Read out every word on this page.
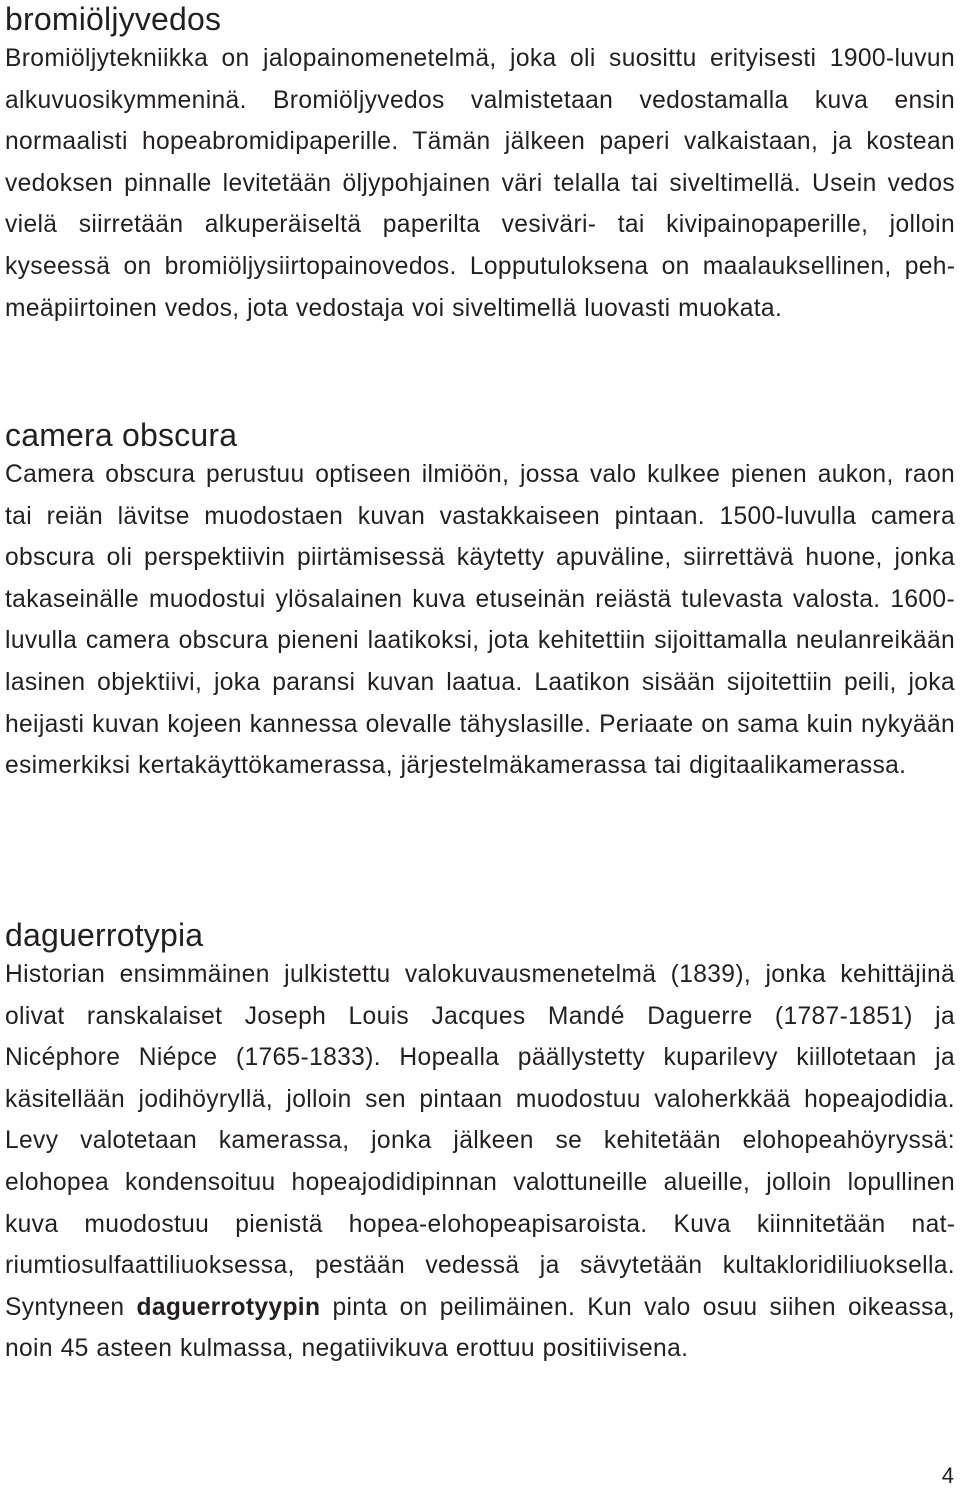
bromiöljyvedos

Bromiöljytekniikka on jalopainomenetelmä, joka oli suosittu erityisesti 1900-luvun alkuvuosikymmeninä. Bromiöljyvedos valmistetaan vedostamalla kuva ensin normaalisti hopeabromidipaperille. Tämän jälkeen paperi valkaistaan, ja kostean vedoksen pinnalle levitetään öljypohjainen väri telalla tai siveltimellä. Usein vedos vielä siirretään alkuperäiseltä paperilta vesiväri- tai kivipainopaperille, jolloin kyseessä on bromiöljysiirtopainovedos. Lopputuloksena on maalauksellinen, pehmeäpiirtoinen vedos, jota vedostaja voi siveltimellä luovasti muokata.

camera obscura

Camera obscura perustuu optiseen ilmiöön, jossa valo kulkee pienen aukon, raon tai reiän lävitse muodostaen kuvan vastakkaiseen pintaan. 1500-luvulla camera obscura oli perspektiivin piirtämisessä käytetty apuväline, siirrettävä huone, jonka takaseinälle muodostui ylösalainen kuva etuseinän reiästä tulevasta valosta. 1600-luvulla camera obscura pieneni laatikoksi, jota kehitettiin sijoittamalla neulanreikään lasinen objektiivi, joka paransi kuvan laatua. Laatikon sisään sijoitettiin peili, joka heijasti kuvan kojeen kannessa olevalle tähyslasille. Periaate on sama kuin nykyään esimerkiksi kertakäyttökamerassa, järjestelmäkamerassa tai digitaalikamerassa.

daguerrotypia

Historian ensimmäinen julkistettu valokuvausmenetelmä (1839), jonka kehittäjinä olivat ranskalaiset Joseph Louis Jacques Mandé Daguerre (1787-1851) ja Nicéphore Niépce (1765-1833). Hopealla päällystetty kuparilevy kiillotetaan ja käsitellään jodihöyryllä, jolloin sen pintaan muodostuu valoherkkää hopeajodidia. Levy valotetaan kamerassa, jonka jälkeen se kehitetään elohopeahöyryssä: elohopea kondensoituu hopeajodidipinnan valottuneille alueille, jolloin lopullinen kuva muodostuu pienistä hopea-elohopeapisaroista. Kuva kiinnitetään natriumtiosulfaattiliuoksessa, pestään vedessä ja sävytetään kultakloridiliuoksella. Syntyneen daguerrotyypin pinta on peilimäinen. Kun valo osuu siihen oikeassa, noin 45 asteen kulmassa, negatiivikuva erottuu positiivisena.

4
